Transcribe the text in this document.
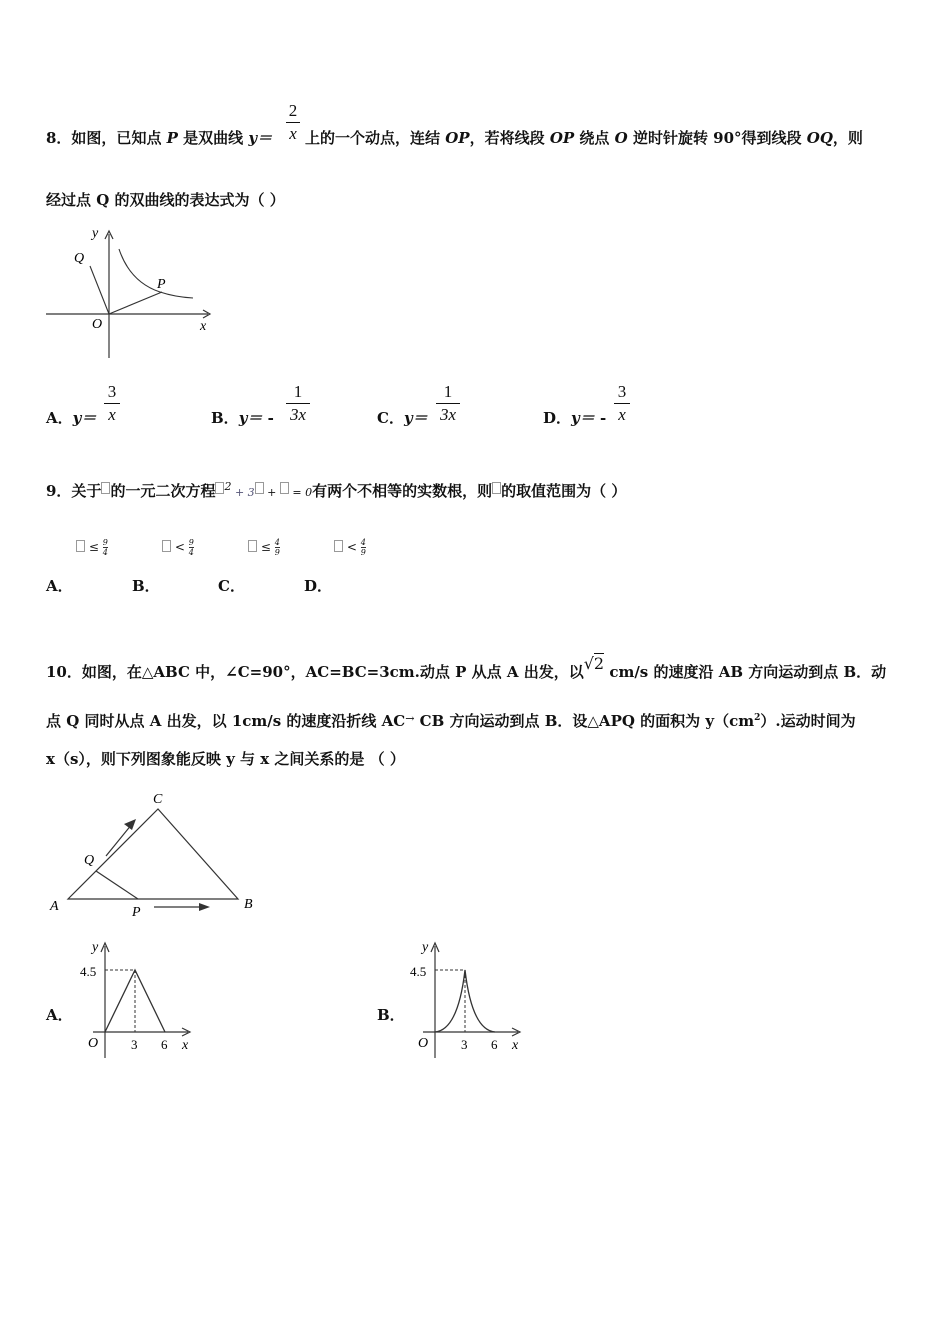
8．如图，已知点 P 是双曲线 y＝
2
x 上的一个动点，连结 OP，若将线段 OP 绕点 O 逆时针旋转 90°得到线段 OQ，则
经过点 Q 的双曲线的表达式为（ ）
y
x
O
Q
P
A．y＝
3
x	B．y＝ -
1
3x	C．y＝
1
3x	D．y＝ -
3
x
9．关于 的一元二次方程 $^2$ + 3 +  = 0有两个不相等的实数根，则 的取值范围为（ ）
≤ $\frac{9}{4}$	< $\frac{9}{4}$	≤ $\frac{4}{9}$	< $\frac{4}{9}$
A．	B．	C．	D．
10．如图，在△ABC 中，∠C=90°，AC=BC=3cm.动点 P 从点 A 出发，以√2 cm/s 的速度沿 AB 方向运动到点 B．动
点 Q 同时从点 A 出发，以 1cm/s 的速度沿折线 AC→ CB 方向运动到点 B．设△APQ 的面积为 $y(cm^2)$.运动时间为
x（s），则下列图象能反映 y 与 x 之间关系的是 （ ）
A	B
C
P
Q
A．
y
4.5
O	3 6 x
B．
y
4.5
O	3 6 x
